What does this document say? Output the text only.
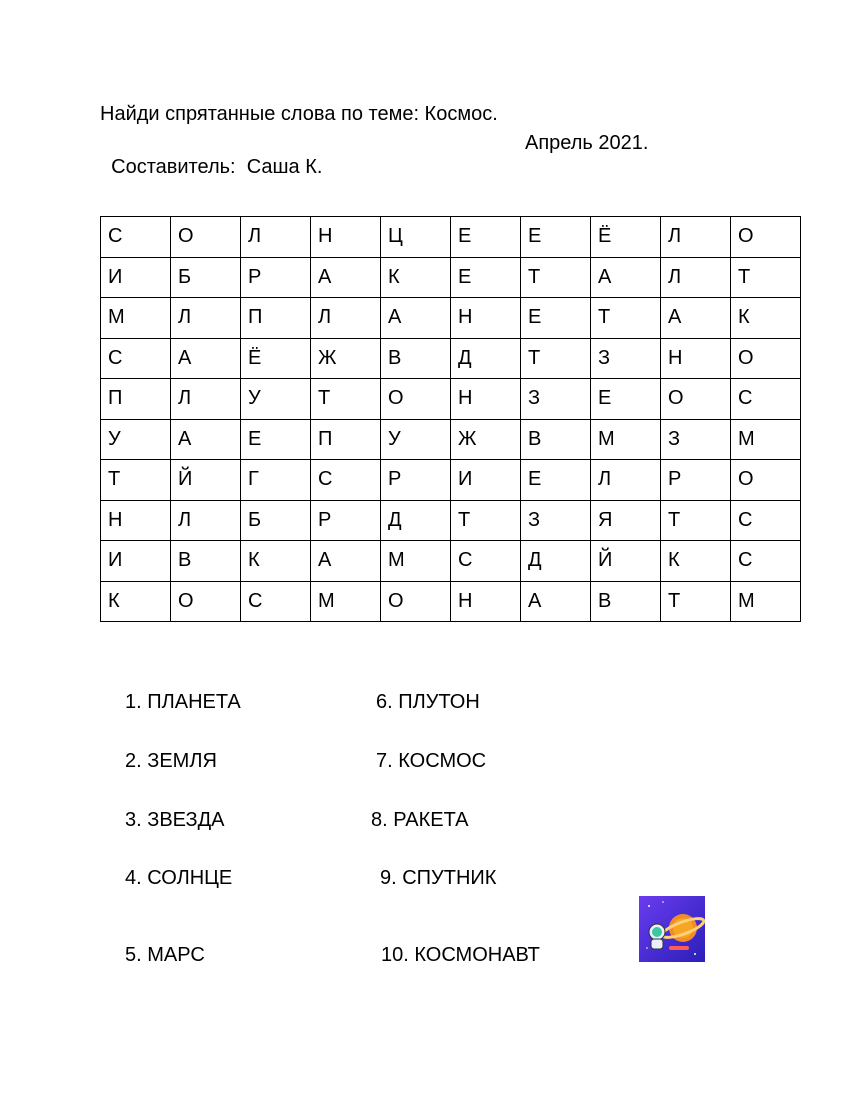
Найди спрятанные слова по теме: Космос.

Составитель:  Саша К.

Апрель 2021.

С	О	Л	Н	Ц	Е	Е	Ё	Л	О
И	Б	Р	А	К	Е	Т	А	Л	Т
М	Л	П	Л	А	Н	Е	Т	А	К
С	А	Ё	Ж	В	Д	Т	З	Н	О
П	Л	У	Т	О	Н	З	Е	О	С
У	А	Е	П	У	Ж	В	М	З	М
Т	Й	Г	С	Р	И	Е	Л	Р	О
Н	Л	Б	Р	Д	Т	З	Я	Т	С
И	В	К	А	М	С	Д	Й	К	С
К	О	С	М	О	Н	А	В	Т	М
1. ПЛАНЕТА
2. ЗЕМЛЯ
3. ЗВЕЗДА
4. СОЛНЦЕ
5. МАРС
6. ПЛУТОН
7. КОСМОС
8. РАКЕТА
9. СПУТНИК
10. КОСМОНАВТ
